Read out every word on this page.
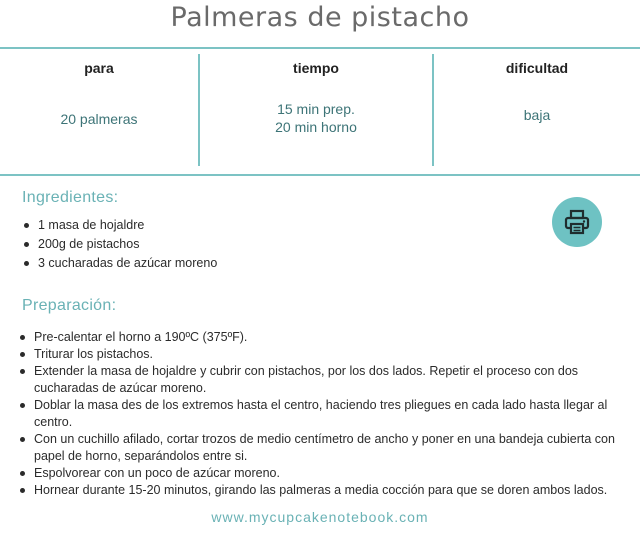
Palmeras de pistacho
para
20 palmeras
tiempo
15 min prep.
20 min horno
dificultad
baja
Ingredientes:
1 masa de hojaldre
200g de pistachos
3 cucharadas de azúcar moreno
Preparación:
Pre-calentar el horno a 190ºC (375ºF).
Triturar los pistachos.
Extender la masa de hojaldre y cubrir con pistachos, por los dos lados. Repetir el proceso con dos cucharadas de azúcar moreno.
Doblar la masa des de los extremos hasta el centro, haciendo tres pliegues en cada lado hasta llegar al centro.
Con un cuchillo afilado, cortar trozos de medio centímetro de ancho y poner en una bandeja cubierta con papel de horno, separándolos entre si.
Espolvorear con un poco de azúcar moreno.
Hornear durante 15-20 minutos, girando las palmeras a media cocción para que se doren ambos lados.
www.mycupcakenotebook.com
